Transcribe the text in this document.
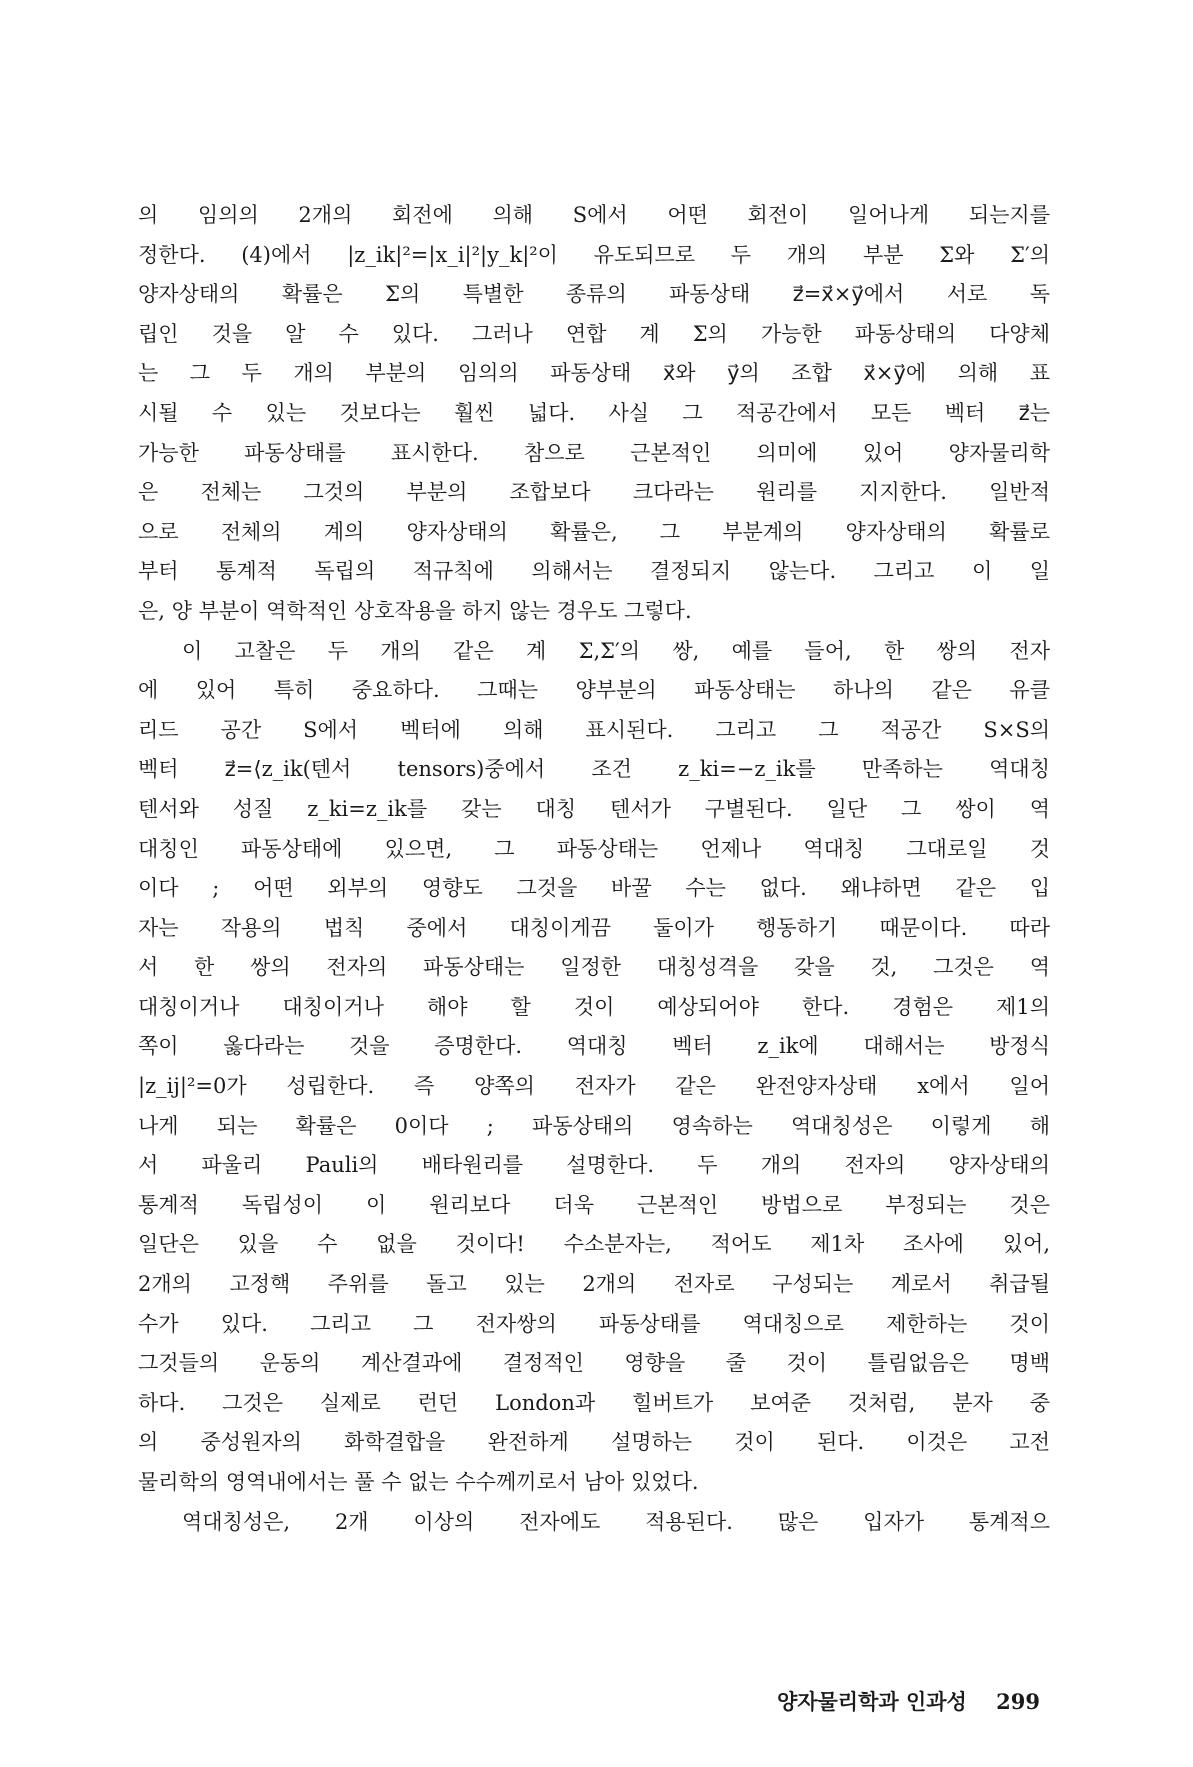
의 임의의 2개의 회전에 의해 S에서 어떤 회전이 일어나게 되는지를
정한다. (4)에서 |z_ik|²=|x_i|²|y_k|²이 유도되므로 두 개의 부분 Σ와 Σ′의
양자상태의 확률은 Σ의 특별한 종류의 파동상태 z⃗=x⃗×y⃗에서 서로 독
립인 것을 알 수 있다. 그러나 연합 계 Σ의 가능한 파동상태의 다양체
는 그 두 개의 부분의 임의의 파동상태 x⃗와 y⃗의 조합 x⃗×y⃗에 의해 표
시될 수 있는 것보다는 훨씬 넓다. 사실 그 적공간에서 모든 벡터 z⃗는
가능한 파동상태를 표시한다. 참으로 근본적인 의미에 있어 양자물리학
은 전체는 그것의 부분의 조합보다 크다라는 원리를 지지한다. 일반적
으로 전체의 계의 양자상태의 확률은, 그 부분계의 양자상태의 확률로
부터 통계적 독립의 적규칙에 의해서는 결정되지 않는다. 그리고 이 일
은, 양 부분이 역학적인 상호작용을 하지 않는 경우도 그렇다.
이 고찰은 두 개의 같은 계 Σ,Σ′의 쌍, 예를 들어, 한 쌍의 전자
에 있어 특히 중요하다. 그때는 양부분의 파동상태는 하나의 같은 유클
리드 공간 S에서 벡터에 의해 표시된다. 그리고 그 적공간 S×S의
벡터 z⃗=⟨z_ik(텐서 tensors)중에서 조건 z_ki=−z_ik를 만족하는 역대칭
텐서와 성질 z_ki=z_ik를 갖는 대칭 텐서가 구별된다. 일단 그 쌍이 역
대칭인 파동상태에 있으면, 그 파동상태는 언제나 역대칭 그대로일 것
이다 ; 어떤 외부의 영향도 그것을 바꿀 수는 없다. 왜냐하면 같은 입
자는 작용의 법칙 중에서 대칭이게끔 둘이가 행동하기 때문이다. 따라
서 한 쌍의 전자의 파동상태는 일정한 대칭성격을 갖을 것, 그것은 역
대칭이거나 대칭이거나 해야 할 것이 예상되어야 한다. 경험은 제1의
쪽이 옳다라는 것을 증명한다. 역대칭 벡터 z_ik에 대해서는 방정식
|z_ij|²=0가 성립한다. 즉 양쪽의 전자가 같은 완전양자상태 x에서 일어
나게 되는 확률은 0이다 ; 파동상태의 영속하는 역대칭성은 이렇게 해
서 파울리 Pauli의 배타원리를 설명한다. 두 개의 전자의 양자상태의
통계적 독립성이 이 원리보다 더욱 근본적인 방법으로 부정되는 것은
일단은 있을 수 없을 것이다! 수소분자는, 적어도 제1차 조사에 있어,
2개의 고정핵 주위를 돌고 있는 2개의 전자로 구성되는 계로서 취급될
수가 있다. 그리고 그 전자쌍의 파동상태를 역대칭으로 제한하는 것이
그것들의 운동의 계산결과에 결정적인 영향을 줄 것이 틀림없음은 명백
하다. 그것은 실제로 런던 London과 힐버트가 보여준 것처럼, 분자 중
의 중성원자의 화학결합을 완전하게 설명하는 것이 된다. 이것은 고전
물리학의 영역내에서는 풀 수 없는 수수께끼로서 남아 있었다.
역대칭성은, 2개 이상의 전자에도 적용된다. 많은 입자가 통계적으
양자물리학과 인과성 299
